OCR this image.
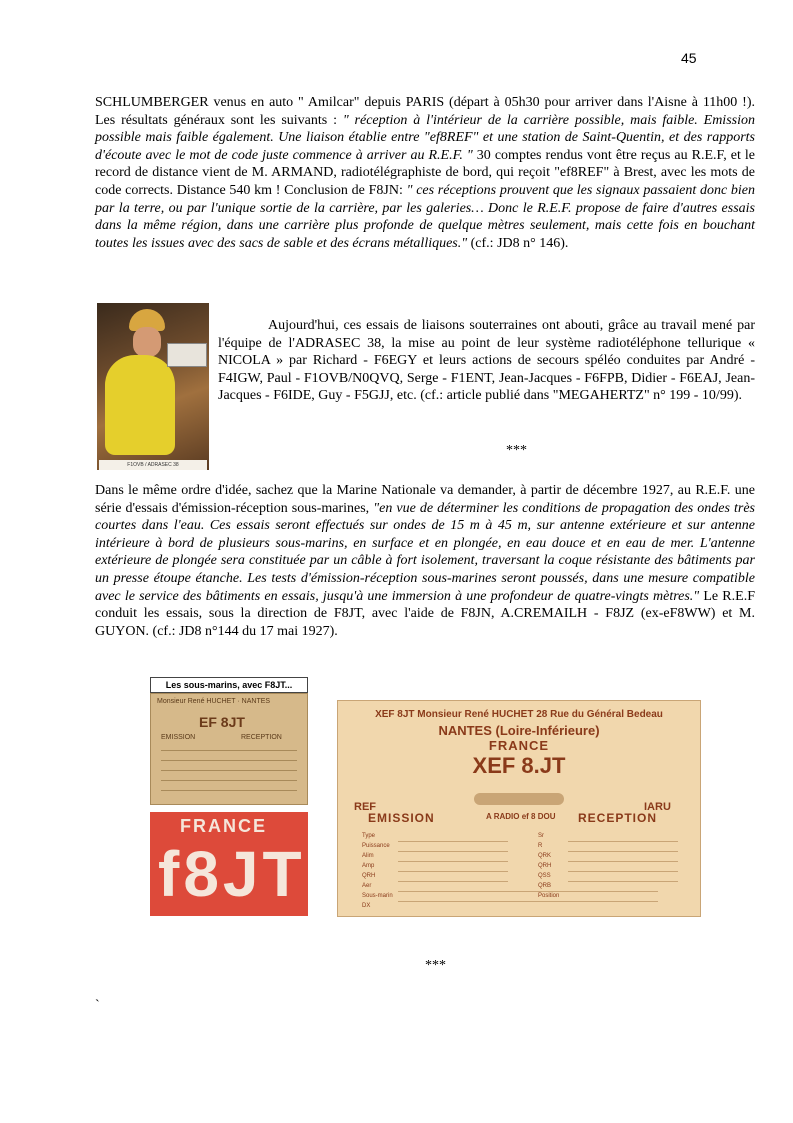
45

SCHLUMBERGER venus en auto " Amilcar" depuis PARIS (départ à 05h30 pour arriver dans l'Aisne à 11h00 !). Les résultats généraux sont les suivants : " réception à l'intérieur de la carrière possible, mais faible. Emission possible mais faible également. Une liaison établie entre "ef8REF" et une station de Saint-Quentin, et des rapports d'écoute avec le mot de code juste commence à arriver au R.E.F. " 30 comptes rendus vont être reçus au R.E.F, et le record de distance vient de M. ARMAND, radiotélégraphiste de bord, qui reçoit "ef8REF" à Brest, avec les mots de code corrects. Distance 540 km ! Conclusion de F8JN: " ces réceptions prouvent que les signaux passaient donc bien par la terre, ou par l'unique sortie de la carrière, par les galeries… Donc le R.E.F. propose de faire d'autres essais dans la même région, dans une carrière plus profonde de quelque mètres seulement, mais cette fois en bouchant toutes les issues avec des sacs de sable et des écrans métalliques." (cf.: JD8 n° 146).

F1OVB / ADRASEC 38

Aujourd'hui, ces essais de liaisons souterraines ont abouti, grâce au travail mené par l'équipe de l'ADRASEC 38, la mise au point de leur système radiotéléphone tellurique « NICOLA » par Richard - F6EGY et leurs actions de secours spéléo conduites par André - F4IGW, Paul - F1OVB/N0QVQ, Serge - F1ENT, Jean-Jacques - F6FPB, Didier - F6EAJ, Jean-Jacques - F6IDE, Guy - F5GJJ, etc. (cf.: article publié dans "MEGAHERTZ" n° 199 - 10/99).

***

Dans le même ordre d'idée, sachez que la Marine Nationale va demander, à partir de décembre 1927, au R.E.F. une série d'essais d'émission-réception sous-marines, "en vue de déterminer les conditions de propagation des ondes très courtes dans l'eau. Ces essais seront effectués sur ondes de 15 m à 45 m, sur antenne extérieure et sur antenne intérieure à bord de plusieurs sous-marins, en surface et en plongée, en eau douce et en eau de mer. L'antenne extérieure de plongée sera constituée par un câble à fort isolement, traversant la coque résistante des bâtiments par un presse étoupe étanche. Les tests d'émission-réception sous-marines seront poussés, dans une mesure compatible avec le service des bâtiments en essais, jusqu'à une immersion à une profondeur de quatre-vingts mètres." Le R.E.F conduit les essais, sous la direction de F8JT, avec l'aide de F8JN, A.CREMAILH - F8JZ (ex-eF8WW) et M. GUYON. (cf.: JD8 n°144 du 17 mai 1927).

Les sous-marins, avec F8JT...
Monsieur René HUCHET · NANTES
EF 8JT
EMISSION	RECEPTION
FRANCE
f8JT
XEF 8JT Monsieur René HUCHET 28 Rue du Général Bedeau
NANTES (Loire-Inférieure)
FRANCE
XEF 8.JT
REF	IARU
EMISSION	A RADIO ef 8 DOU RECEPTION
Type
Puissance
Alim
Amp
QRH
Aer
Sous-marin
DX
Sr
R
QRK
QRH
QSS
QRB
Position
***
`
